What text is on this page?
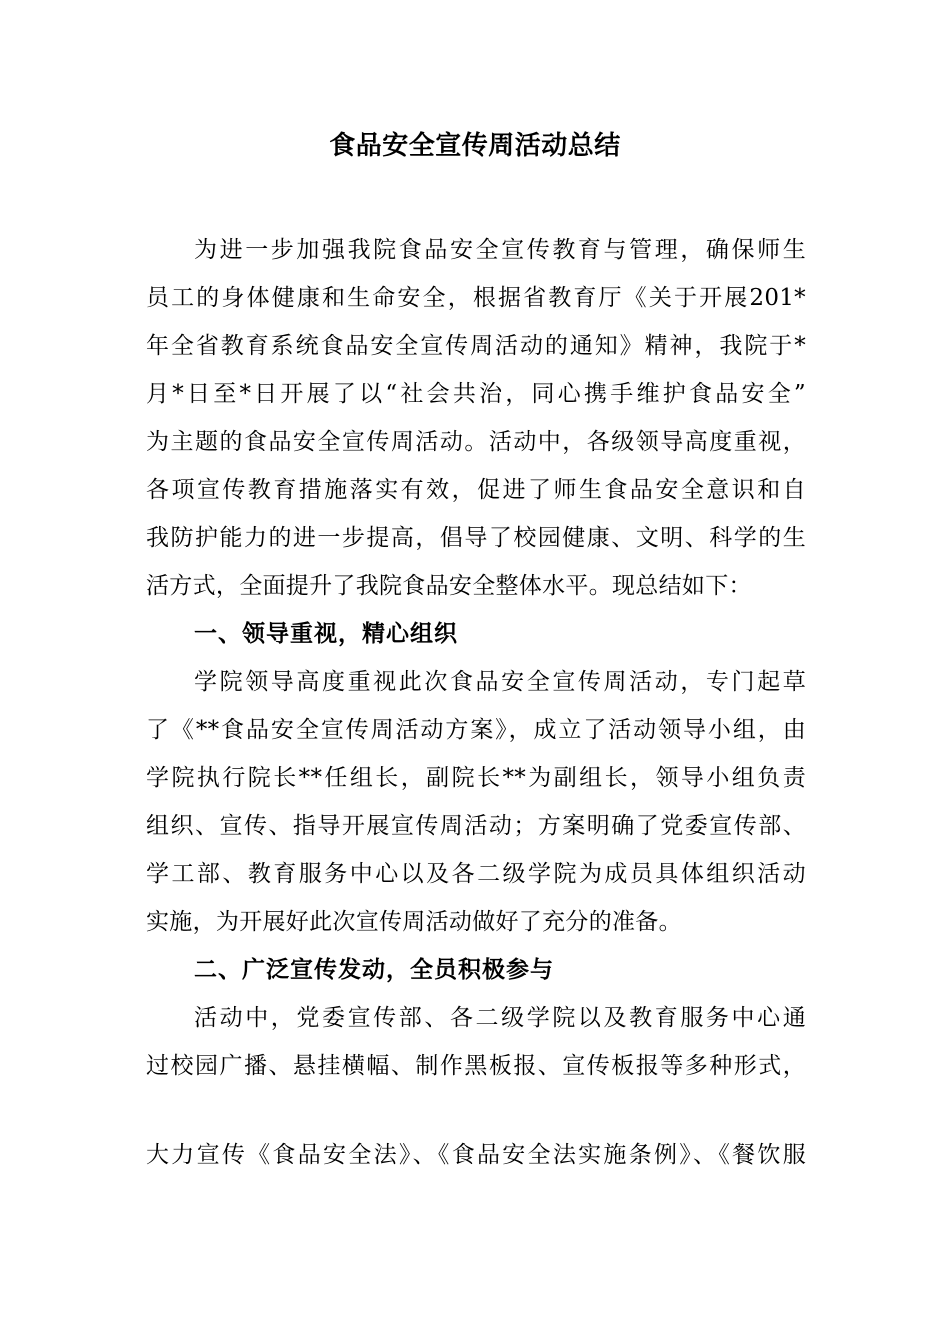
食品安全宣传周活动总结
为进一步加强我院食品安全宣传教育与管理，确保师生
员工的身体健康和生命安全，根据省教育厅《关于开展201*
年全省教育系统食品安全宣传周活动的通知》精神，我院于*
月*日至*日开展了以“社会共治，同心携手维护食品安全”
为主题的食品安全宣传周活动。活动中，各级领导高度重视，
各项宣传教育措施落实有效，促进了师生食品安全意识和自
我防护能力的进一步提高，倡导了校园健康、文明、科学的生
活方式，全面提升了我院食品安全整体水平。现总结如下：
一、领导重视，精心组织
学院领导高度重视此次食品安全宣传周活动，专门起草
了《**食品安全宣传周活动方案》，成立了活动领导小组，由
学院执行院长**任组长，副院长**为副组长，领导小组负责
组织、宣传、指导开展宣传周活动；方案明确了党委宣传部、
学工部、教育服务中心以及各二级学院为成员具体组织活动
实施，为开展好此次宣传周活动做好了充分的准备。
二、广泛宣传发动，全员积极参与
活动中，党委宣传部、各二级学院以及教育服务中心通
过校园广播、悬挂横幅、制作黑板报、宣传板报等多种形式，
大力宣传《食品安全法》、《食品安全法实施条例》、《餐饮服
